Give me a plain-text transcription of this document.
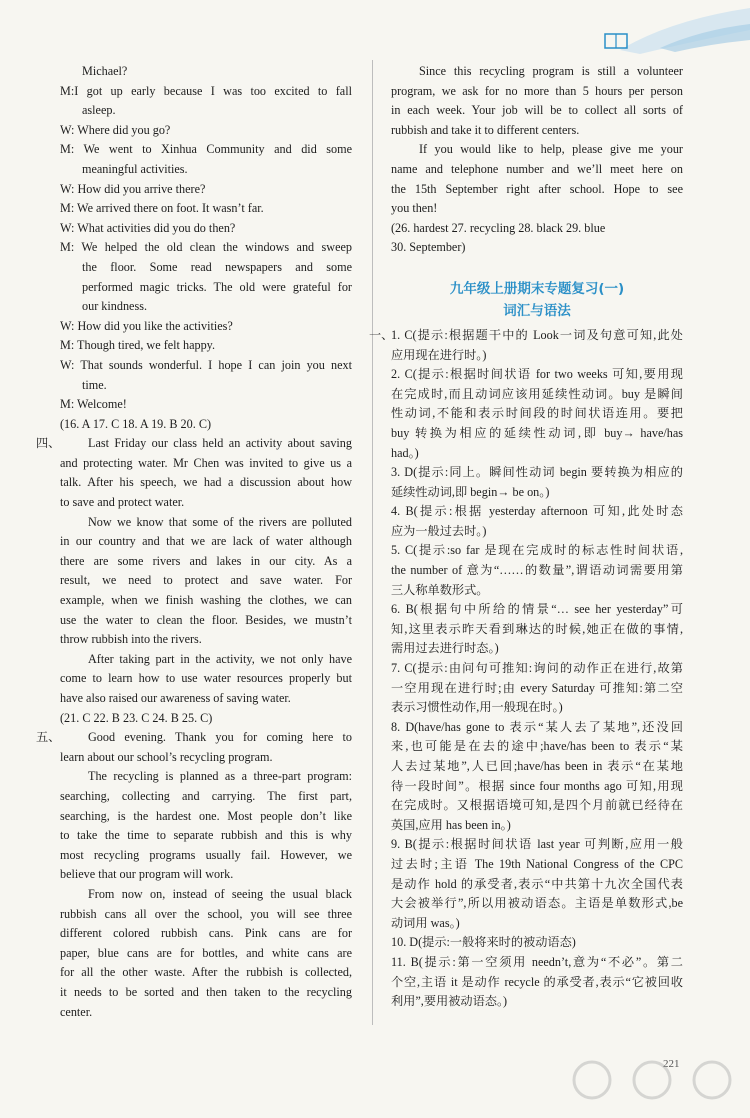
Michael?
M:I got up early because I was too excited to fall
asleep.
W: Where did you go?
M: We went to Xinhua Community and did some
meaningful activities.
W: How did you arrive there?
M: We arrived there on foot. It wasn’t far.
W: What activities did you do then?
M: We helped the old clean the windows and sweep
the floor. Some read newspapers and some
performed magic tricks. The old were grateful for
our kindness.
W: How did you like the activities?
M: Though tired, we felt happy.
W: That sounds wonderful. I hope I can join you next
time.
M: Welcome!
(16. A 17. C 18. A 19. B 20. C)
四、 Last Friday our class held an activity about saving
and protecting water. Mr Chen was invited to give us a
talk. After his speech, we had a discussion about how
to save and protect water.
Now we know that some of the rivers are polluted
in our country and that we are lack of water although
there are some rivers and lakes in our city. As a
result, we need to protect and save water. For
example, when we finish washing the clothes, we can
use the water to clean the floor. Besides, we mustn’t
throw rubbish into the rivers.
After taking part in the activity, we not only have
come to learn how to use water resources properly but
have also raised our awareness of saving water.
(21. C 22. B 23. C 24. B 25. C)
五、 Good evening. Thank you for coming here to
learn about our school’s recycling program.
The recycling is planned as a three-part program:
searching, collecting and carrying. The first part,
searching, is the hardest one. Most people don’t like
to take the time to separate rubbish and this is why
most recycling programs usually fail. However, we
believe that our program will work.
From now on, instead of seeing the usual black
rubbish cans all over the school, you will see three
different colored rubbish cans. Pink cans are for
paper, blue cans are for bottles, and white cans are
for all the other waste. After the rubbish is collected,
it needs to be sorted and then taken to the recycling
center.
Since this recycling program is still a volunteer
program, we ask for no more than 5 hours per person
in each week. Your job will be to collect all sorts of
rubbish and take it to different centers.
If you would like to help, please give me your
name and telephone number and we’ll meet here on
the 15th September right after school. Hope to see
you then!
(26. hardest 27. recycling 28. black 29. blue
30. September)
九年级上册期末专题复习(一)
词汇与语法
一、
1. C(提示:根据题干中的 Look一词及句意可知,此处
应用现在进行时。)
2. C(提示:根据时间状语 for two weeks 可知,要用现
在完成时,而且动词应该用延续性动词。buy 是瞬间
性动词,不能和表示时间段的时间状语连用。要把
buy 转换为相应的延续性动词,即 buy→ have/has
had。)
3. D(提示:同上。瞬间性动词 begin 要转换为相应的
延续性动词,即 begin→ be on。)
4. B(提示:根据 yesterday afternoon 可知,此处时态
应为一般过去时。)
5. C(提示:so far 是现在完成时的标志性时间状语,
the number of 意为“……的数量”,谓语动词需要用第
三人称单数形式。
6. B(根据句中所给的情景“… see her yesterday”可
知,这里表示昨天看到琳达的时候,她正在做的事情,
需用过去进行时态。)
7. C(提示:由问句可推知:询问的动作正在进行,故第
一空用现在进行时;由 every Saturday 可推知:第二空
表示习惯性动作,用一般现在时。)
8. D(have/has gone to 表示“某人去了某地”,还没回
来,也可能是在去的途中;have/has been to 表示“某
人去过某地”,人已回;have/has been in 表示“在某地
待一段时间”。根据 since four months ago 可知,用现
在完成时。又根据语境可知,是四个月前就已经待在
英国,应用 has been in。)
9. B(提示:根据时间状语 last year 可判断,应用一般
过去时;主语 The 19th National Congress of the CPC
是动作 hold 的承受者,表示“中共第十九次全国代表
大会被举行”,所以用被动语态。主语是单数形式,be
动词用 was。)
10. D(提示:一般将来时的被动语态)
11. B(提示:第一空须用 needn’t,意为“不必”。第二
个空,主语 it 是动作 recycle 的承受者,表示“它被回收
利用”,要用被动语态。)
221
